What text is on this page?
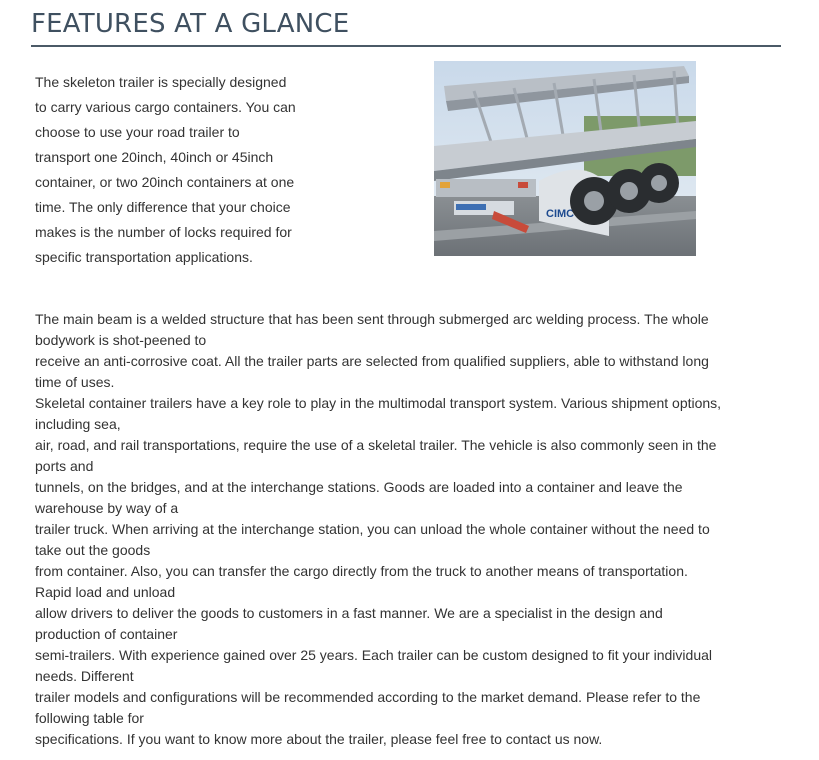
FEATURES AT A GLANCE

The skeleton trailer is specially designed

to carry various cargo containers. You can

choose to use your road trailer to

transport one 20inch, 40inch or 45inch

container, or two 20inch containers at one

time. The only difference that your choice

makes is the number of locks required for

specific transportation applications.

CIMC

The main beam is a welded structure that has been sent through submerged arc welding process. The whole

bodywork is shot-peened to

receive an anti-corrosive coat. All the trailer parts are selected from qualified suppliers, able to withstand long

time of uses.

Skeletal container trailers have a key role to play in the multimodal transport system. Various shipment options,

including sea,

air, road, and rail transportations, require the use of a skeletal trailer. The vehicle is also commonly seen in the

ports and

tunnels, on the bridges, and at the interchange stations. Goods are loaded into a container and leave the

warehouse by way of a

trailer truck. When arriving at the interchange station, you can unload the whole container without the need to

take out the goods

from container. Also, you can transfer the cargo directly from the truck to another means of transportation.

Rapid load and unload

allow drivers to deliver the goods to customers in a fast manner. We are a specialist in the design and

production of container

semi-trailers. With experience gained over 25 years. Each trailer can be custom designed to fit your individual

needs. Different

trailer models and configurations will be recommended according to the market demand. Please refer to the

following table for

specifications. If you want to know more about the trailer, please feel free to contact us now.
